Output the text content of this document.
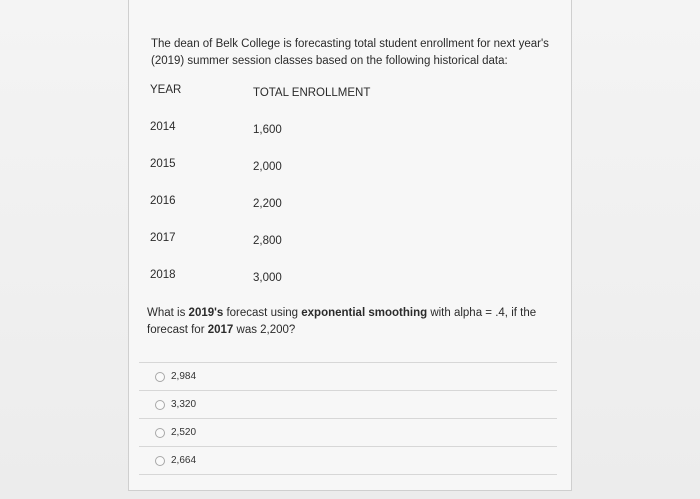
The dean of Belk College is forecasting total student enrollment for next year's (2019) summer session classes based on the following historical data:
YEAR	TOTAL ENROLLMENT
2014	1,600
2015	2,000
2016	2,200
2017	2,800
2018	3,000
What is 2019's forecast using exponential smoothing with alpha = .4, if the forecast for 2017 was 2,200?
2,984
3,320
2,520
2,664
